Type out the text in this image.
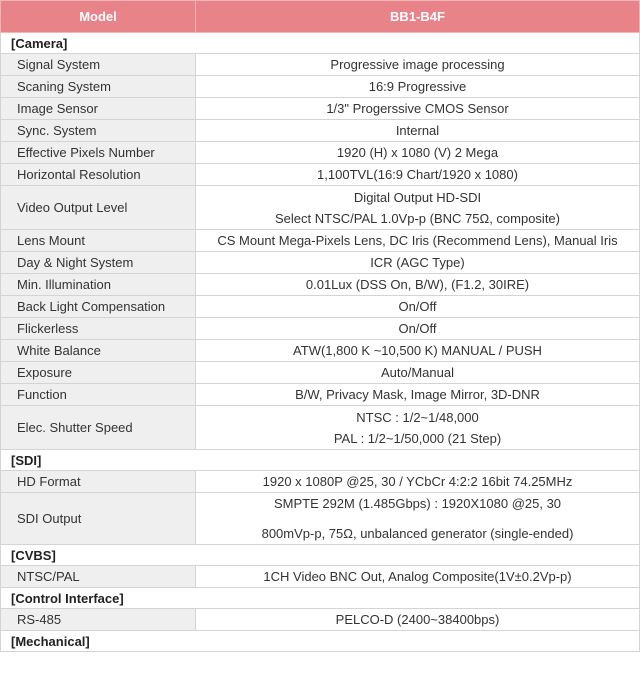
Model	BB1-B4F
[Camera]	
Signal System	Progressive image processing
Scaning System	16:9 Progressive
Image Sensor	1/3" Progerssive CMOS Sensor
Sync. System	Internal
Effective Pixels Number	1920 (H) x 1080 (V) 2 Mega
Horizontal Resolution	1,100TVL(16:9 Chart/1920 x 1080)
Video Output Level	Digital Output HD-SDI
Select NTSC/PAL 1.0Vp-p (BNC 75Ω, composite)

Lens Mount	CS Mount Mega-Pixels Lens, DC Iris (Recommend Lens), Manual Iris
Day & Night System	ICR (AGC Type)
Min. Illumination	0.01Lux (DSS On, B/W), (F1.2, 30IRE)
Back Light Compensation	On/Off
Flickerless	On/Off
White Balance	ATW(1,800 K ~10,500 K) MANUAL / PUSH
Exposure	Auto/Manual
Function	B/W, Privacy Mask, Image Mirror, 3D-DNR
Elec. Shutter Speed	NTSC : 1/2~1/48,000
PAL : 1/2~1/50,000 (21 Step)

[SDI]	
HD Format	1920 x 1080P @25, 30 / YCbCr 4:2:2 16bit 74.25MHz
SDI Output	SMPTE 292M (1.485Gbps) : 1920X1080 @25, 30
800mVp-p, 75Ω, unbalanced generator (single-ended)

[CVBS]	
NTSC/PAL	1CH Video BNC Out, Analog Composite(1V±0.2Vp-p)
[Control Interface]	
RS-485	PELCO-D (2400~38400bps)
[Mechanical]	
